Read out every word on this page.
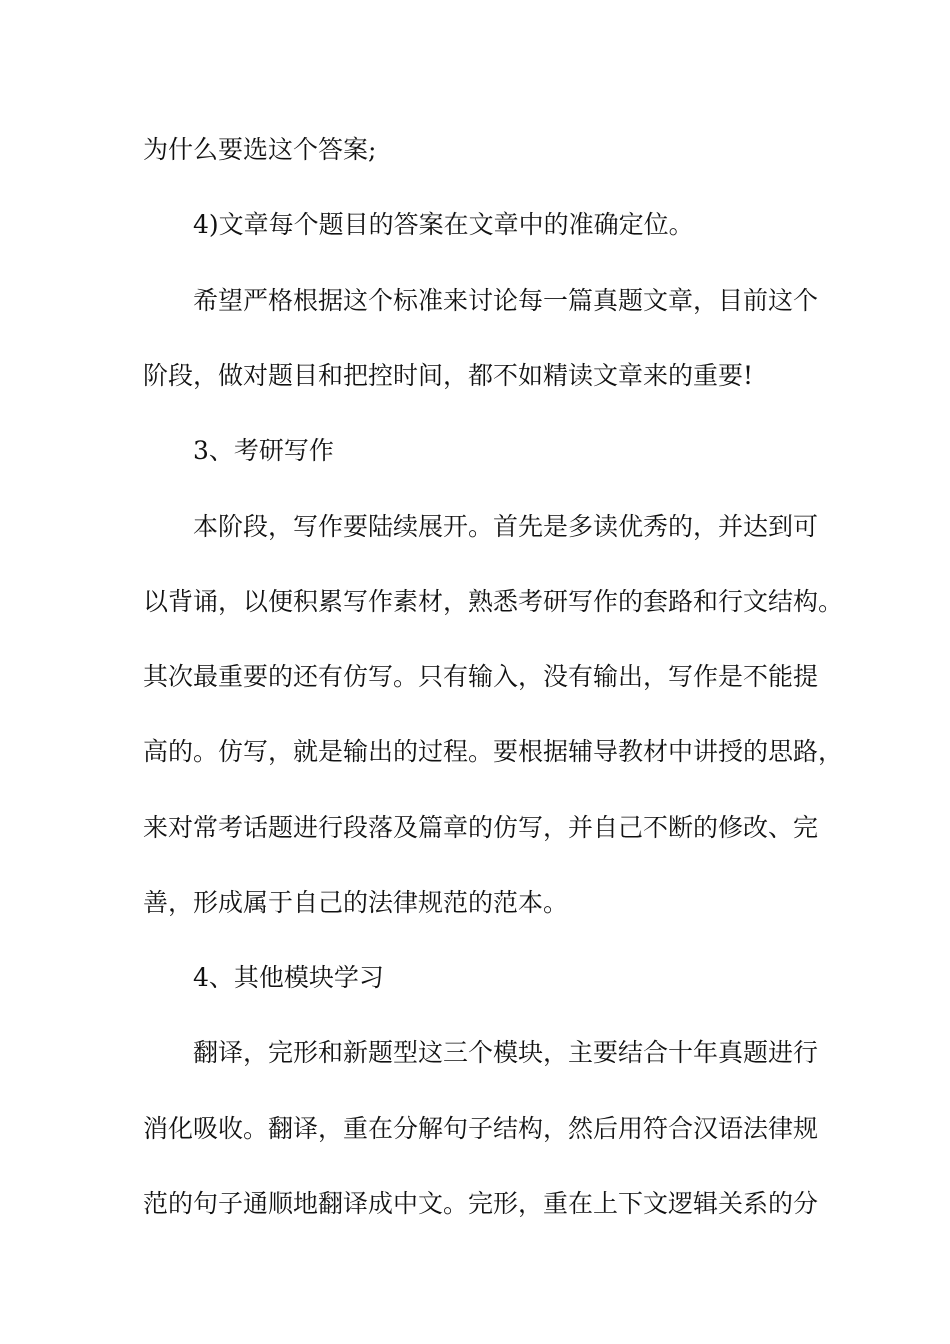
为什么要选这个答案;
4)文章每个题目的答案在文章中的准确定位。
希望严格根据这个标准来讨论每一篇真题文章，目前这个
阶段，做对题目和把控时间，都不如精读文章来的重要!
3、考研写作
本阶段，写作要陆续展开。首先是多读优秀的，并达到可
以背诵，以便积累写作素材，熟悉考研写作的套路和行文结构。
其次最重要的还有仿写。只有输入，没有输出，写作是不能提
高的。仿写，就是输出的过程。要根据辅导教材中讲授的思路，
来对常考话题进行段落及篇章的仿写，并自己不断的修改、完
善，形成属于自己的法律规范的范本。
4、其他模块学习
翻译，完形和新题型这三个模块，主要结合十年真题进行
消化吸收。翻译，重在分解句子结构，然后用符合汉语法律规
范的句子通顺地翻译成中文。完形，重在上下文逻辑关系的分
